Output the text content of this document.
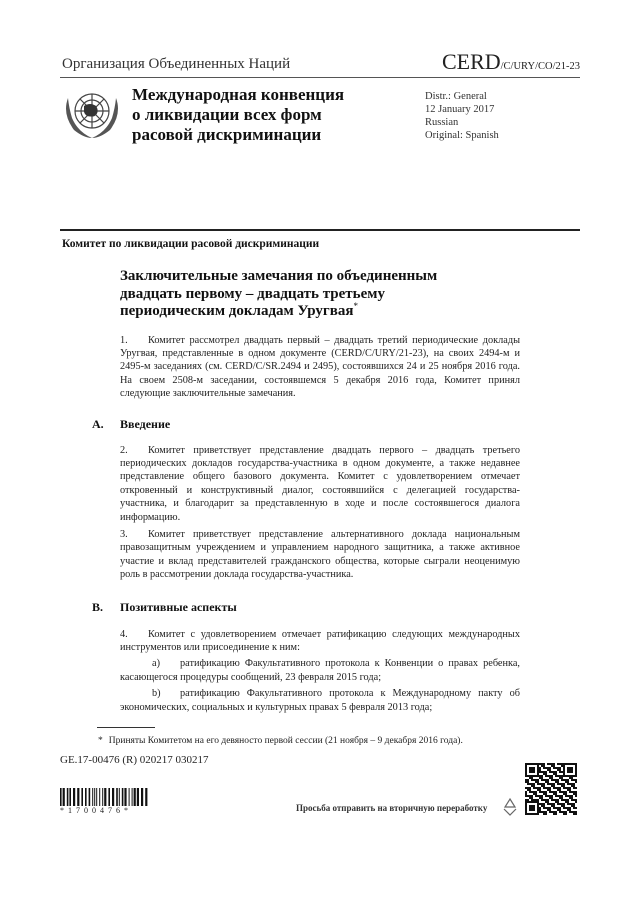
Организация Объединенных Наций	CERD/C/URY/CO/21-23
Международная конвенция
о ликвидации всех форм
расовой дискриминации
Distr.: General
12 January 2017
Russian
Original: Spanish
Комитет по ликвидации расовой дискриминации
Заключительные замечания по объединенным
двадцать первому – двадцать третьему
периодическим докладам Уругвая*
1. Комитет рассмотрел двадцать первый – двадцать третий периодические доклады Уругвая, представленные в одном документе (CERD/C/URY/21-23), на своих 2494-м и 2495-м заседаниях (см. CERD/C/SR.2494 и 2495), состоявшихся 24 и 25 ноября 2016 года. На своем 2508-м заседании, состоявшемся 5 декабря 2016 года, Комитет принял следующие заключительные замечания.
A. Введение
2. Комитет приветствует представление двадцать первого – двадцать третьего периодических докладов государства-участника в одном документе, а также недавнее представление общего базового документа. Комитет с удовлетворением отмечает откровенный и конструктивный диалог, состоявшийся с делегацией государства-участника, и благодарит за представленную в ходе и после состоявшегося диалога информацию.
3. Комитет приветствует представление альтернативного доклада национальным правозащитным учреждением и управлением народного защитника, а также активное участие и вклад представителей гражданского общества, которые сыграли неоценимую роль в рассмотрении доклада государства-участника.
B. Позитивные аспекты
4. Комитет с удовлетворением отмечает ратификацию следующих международных инструментов или присоединение к ним:
a) ратификацию Факультативного протокола к Конвенции о правах ребенка, касающегося процедуры сообщений, 23 февраля 2015 года;
b) ратификацию Факультативного протокола к Международному пакту об экономических, социальных и культурных правах 5 февраля 2013 года;
* Приняты Комитетом на его девяносто первой сессии (21 ноября – 9 декабря 2016 года).
GE.17-00476 (R) 020217 030217
*1700476*	Просьба отправить на вторичную переработку
